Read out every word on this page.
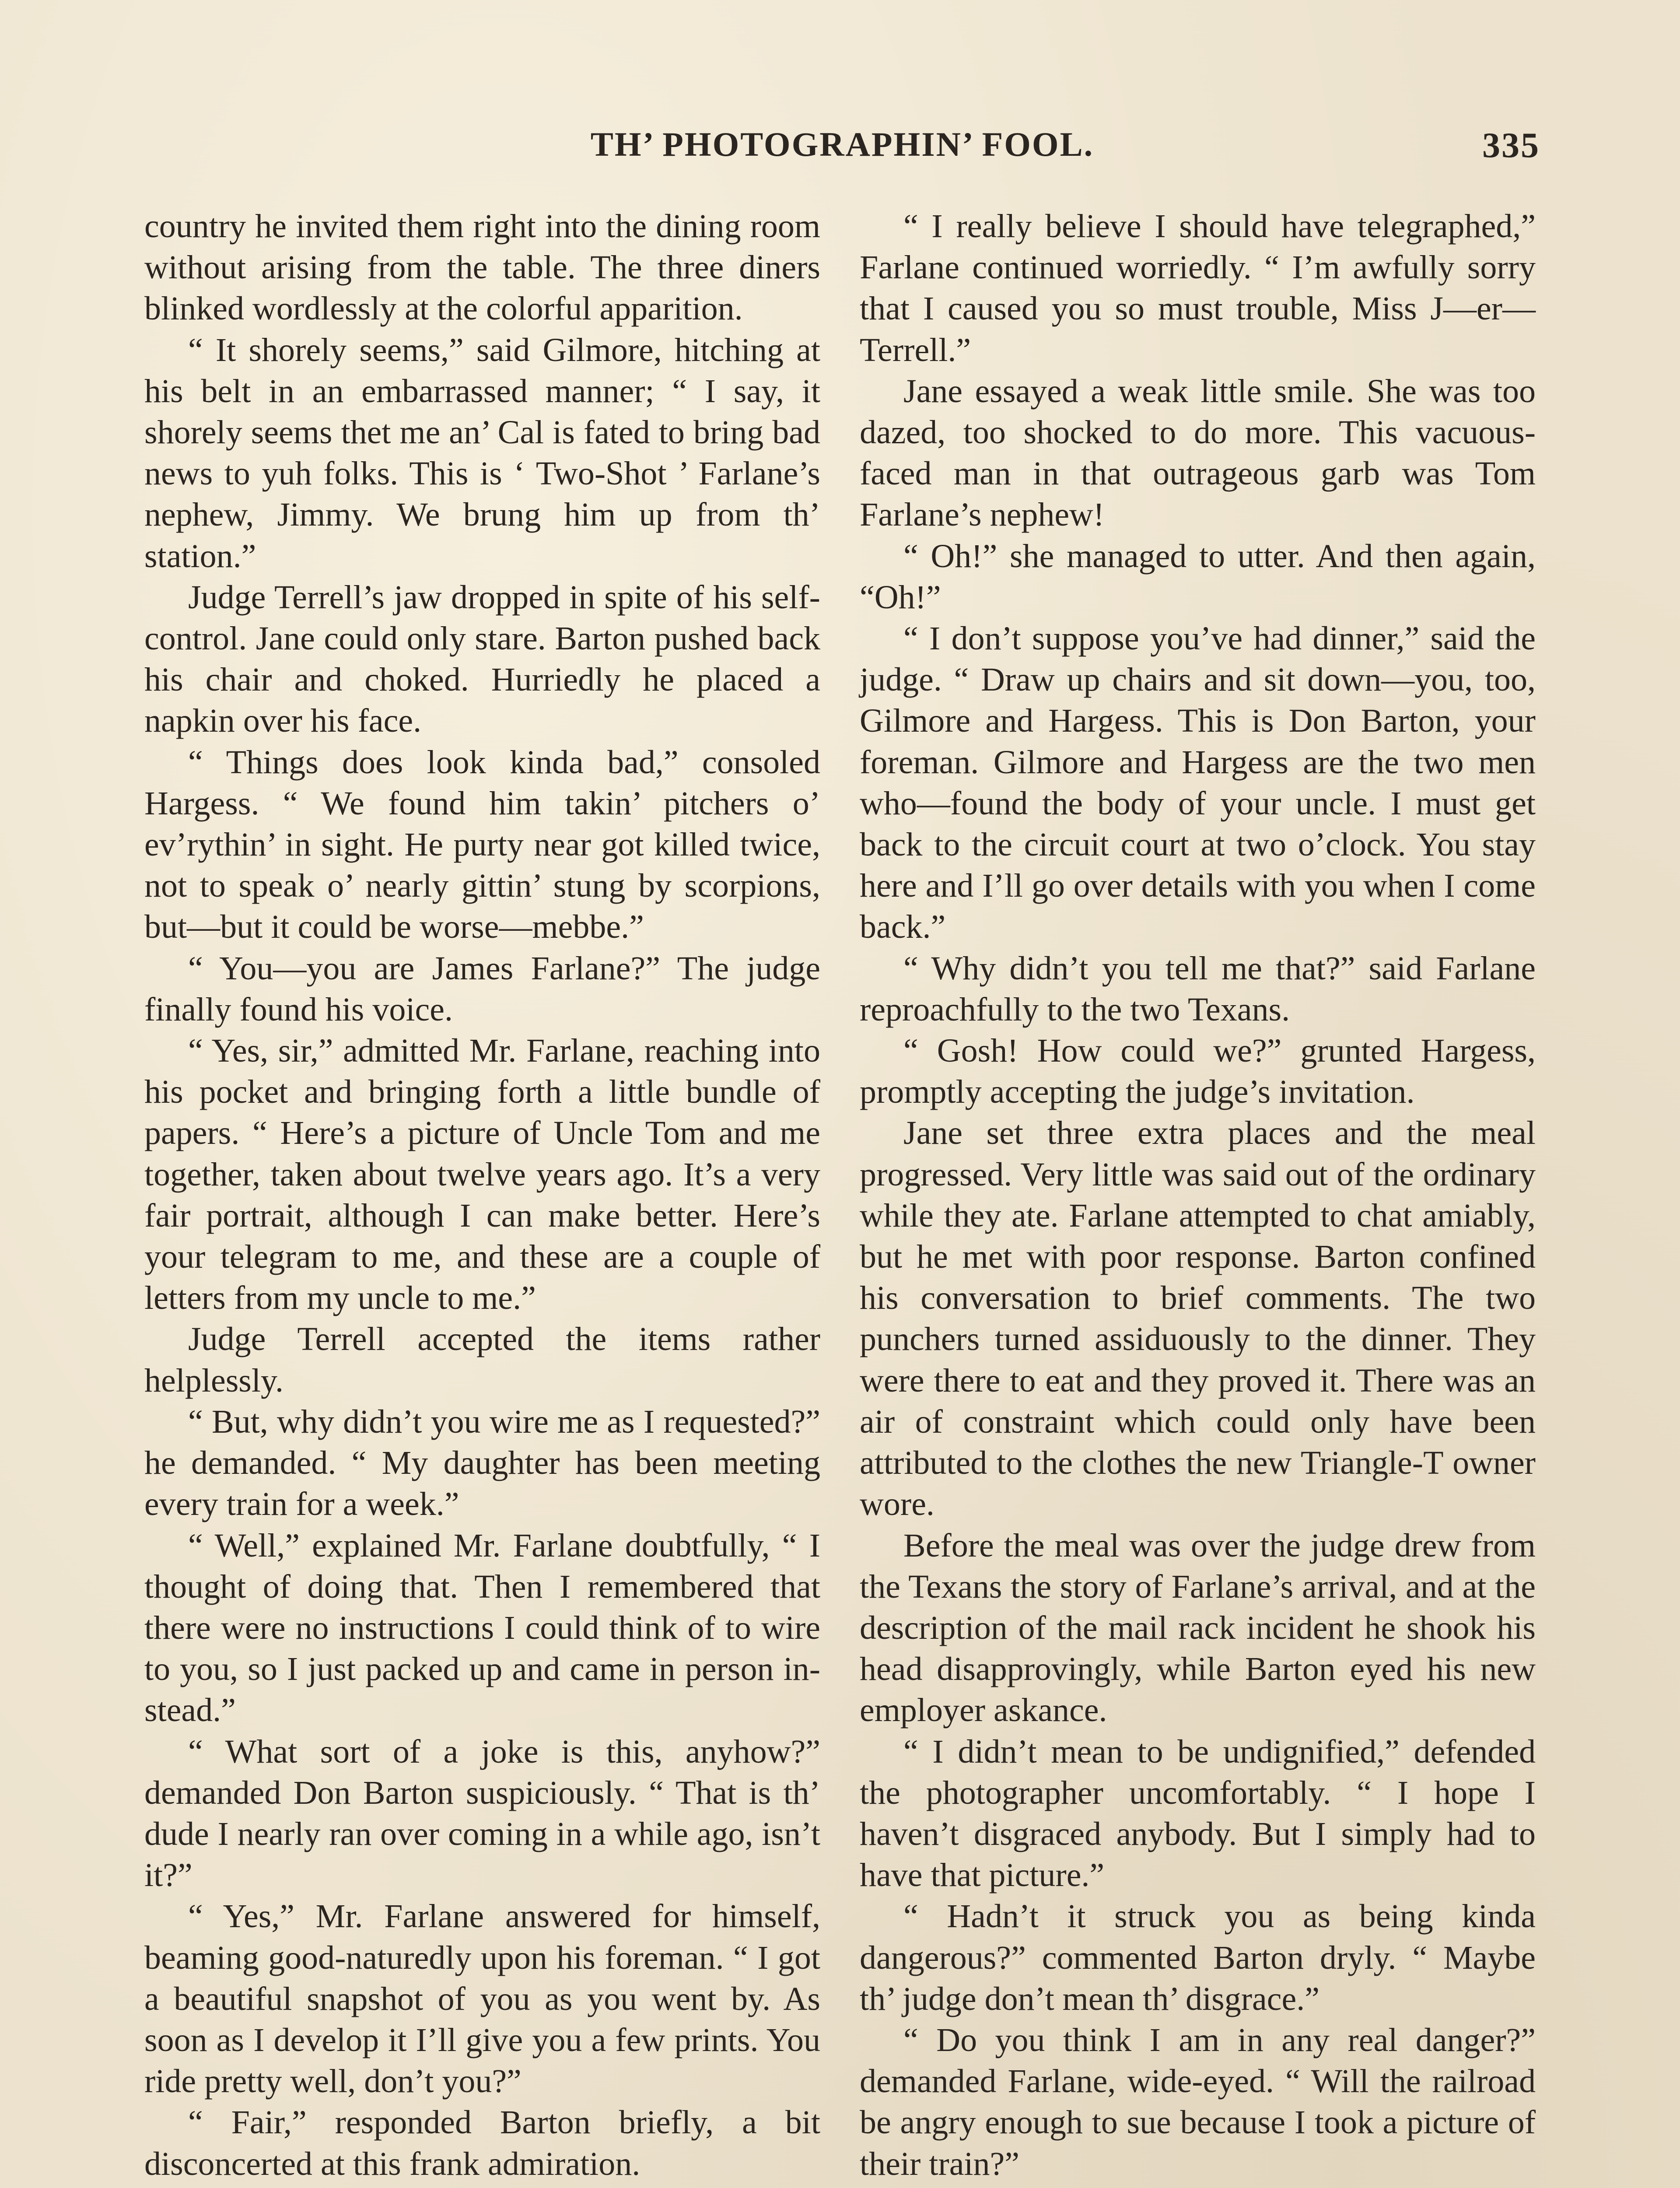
TH’ PHOTOGRAPHIN’ FOOL.	335

country he invited them right into the dining room without arising from the table. The three diners blinked wordlessly at the colorful apparition.

“ It shorely seems,” said Gilmore, hitching at his belt in an embarrassed manner; “ I say, it shorely seems thet me an’ Cal is fated to bring bad news to yuh folks. This is ‘ Two-Shot ’ Farlane’s nephew, Jimmy. We brung him up from th’ station.”

Judge Terrell’s jaw dropped in spite of his self-control. Jane could only stare. Barton pushed back his chair and choked. Hurriedly he placed a napkin over his face.

“ Things does look kinda bad,” consoled Hargess. “ We found him takin’ pitchers o’ ev’rythin’ in sight. He purty near got killed twice, not to speak o’ nearly gittin’ stung by scorpions, but—but it could be worse—mebbe.”

“ You—you are James Farlane?” The judge finally found his voice.

“ Yes, sir,” admitted Mr. Farlane, reaching into his pocket and bringing forth a little bundle of papers. “ Here’s a picture of Uncle Tom and me together, taken about twelve years ago. It’s a very fair portrait, although I can make better. Here’s your telegram to me, and these are a couple of letters from my uncle to me.”

Judge Terrell accepted the items rather helplessly.

“ But, why didn’t you wire me as I requested?” he demanded. “ My daughter has been meeting every train for a week.”

“ Well,” explained Mr. Farlane doubtfully, “ I thought of doing that. Then I remembered that there were no instructions I could think of to wire to you, so I just packed up and came in person instead.”

“ What sort of a joke is this, anyhow?” demanded Don Barton suspiciously. “ That is th’ dude I nearly ran over coming in a while ago, isn’t it?”

“ Yes,” Mr. Farlane answered for himself, beaming good-naturedly upon his foreman. “ I got a beautiful snapshot of you as you went by. As soon as I develop it I’ll give you a few prints. You ride pretty well, don’t you?”

“ Fair,” responded Barton briefly, a bit disconcerted at this frank admiration.

“ I really believe I should have telegraphed,” Farlane continued worriedly. “ I’m awfully sorry that I caused you so must trouble, Miss J—er—Terrell.”

Jane essayed a weak little smile. She was too dazed, too shocked to do more. This vacuous-faced man in that outrageous garb was Tom Farlane’s nephew!

“ Oh!” she managed to utter. And then again, “Oh!”

“ I don’t suppose you’ve had dinner,” said the judge. “ Draw up chairs and sit down—you, too, Gilmore and Hargess. This is Don Barton, your foreman. Gilmore and Hargess are the two men who—found the body of your uncle. I must get back to the circuit court at two o’clock. You stay here and I’ll go over details with you when I come back.”

“ Why didn’t you tell me that?” said Farlane reproachfully to the two Texans.

“ Gosh! How could we?” grunted Hargess, promptly accepting the judge’s invitation.

Jane set three extra places and the meal progressed. Very little was said out of the ordinary while they ate. Farlane attempted to chat amiably, but he met with poor response. Barton confined his conversation to brief comments. The two punchers turned assiduously to the dinner. They were there to eat and they proved it. There was an air of constraint which could only have been attributed to the clothes the new Triangle-T owner wore.

Before the meal was over the judge drew from the Texans the story of Farlane’s arrival, and at the description of the mail rack incident he shook his head disapprovingly, while Barton eyed his new employer askance.

“ I didn’t mean to be undignified,” defended the photographer uncomfortably. “ I hope I haven’t disgraced anybody. But I simply had to have that picture.”

“ Hadn’t it struck you as being kinda dangerous?” commented Barton dryly. “ Maybe th’ judge don’t mean th’ disgrace.”

“ Do you think I am in any real danger?” demanded Farlane, wide-eyed. “ Will the railroad be angry enough to sue because I took a picture of their train?”
